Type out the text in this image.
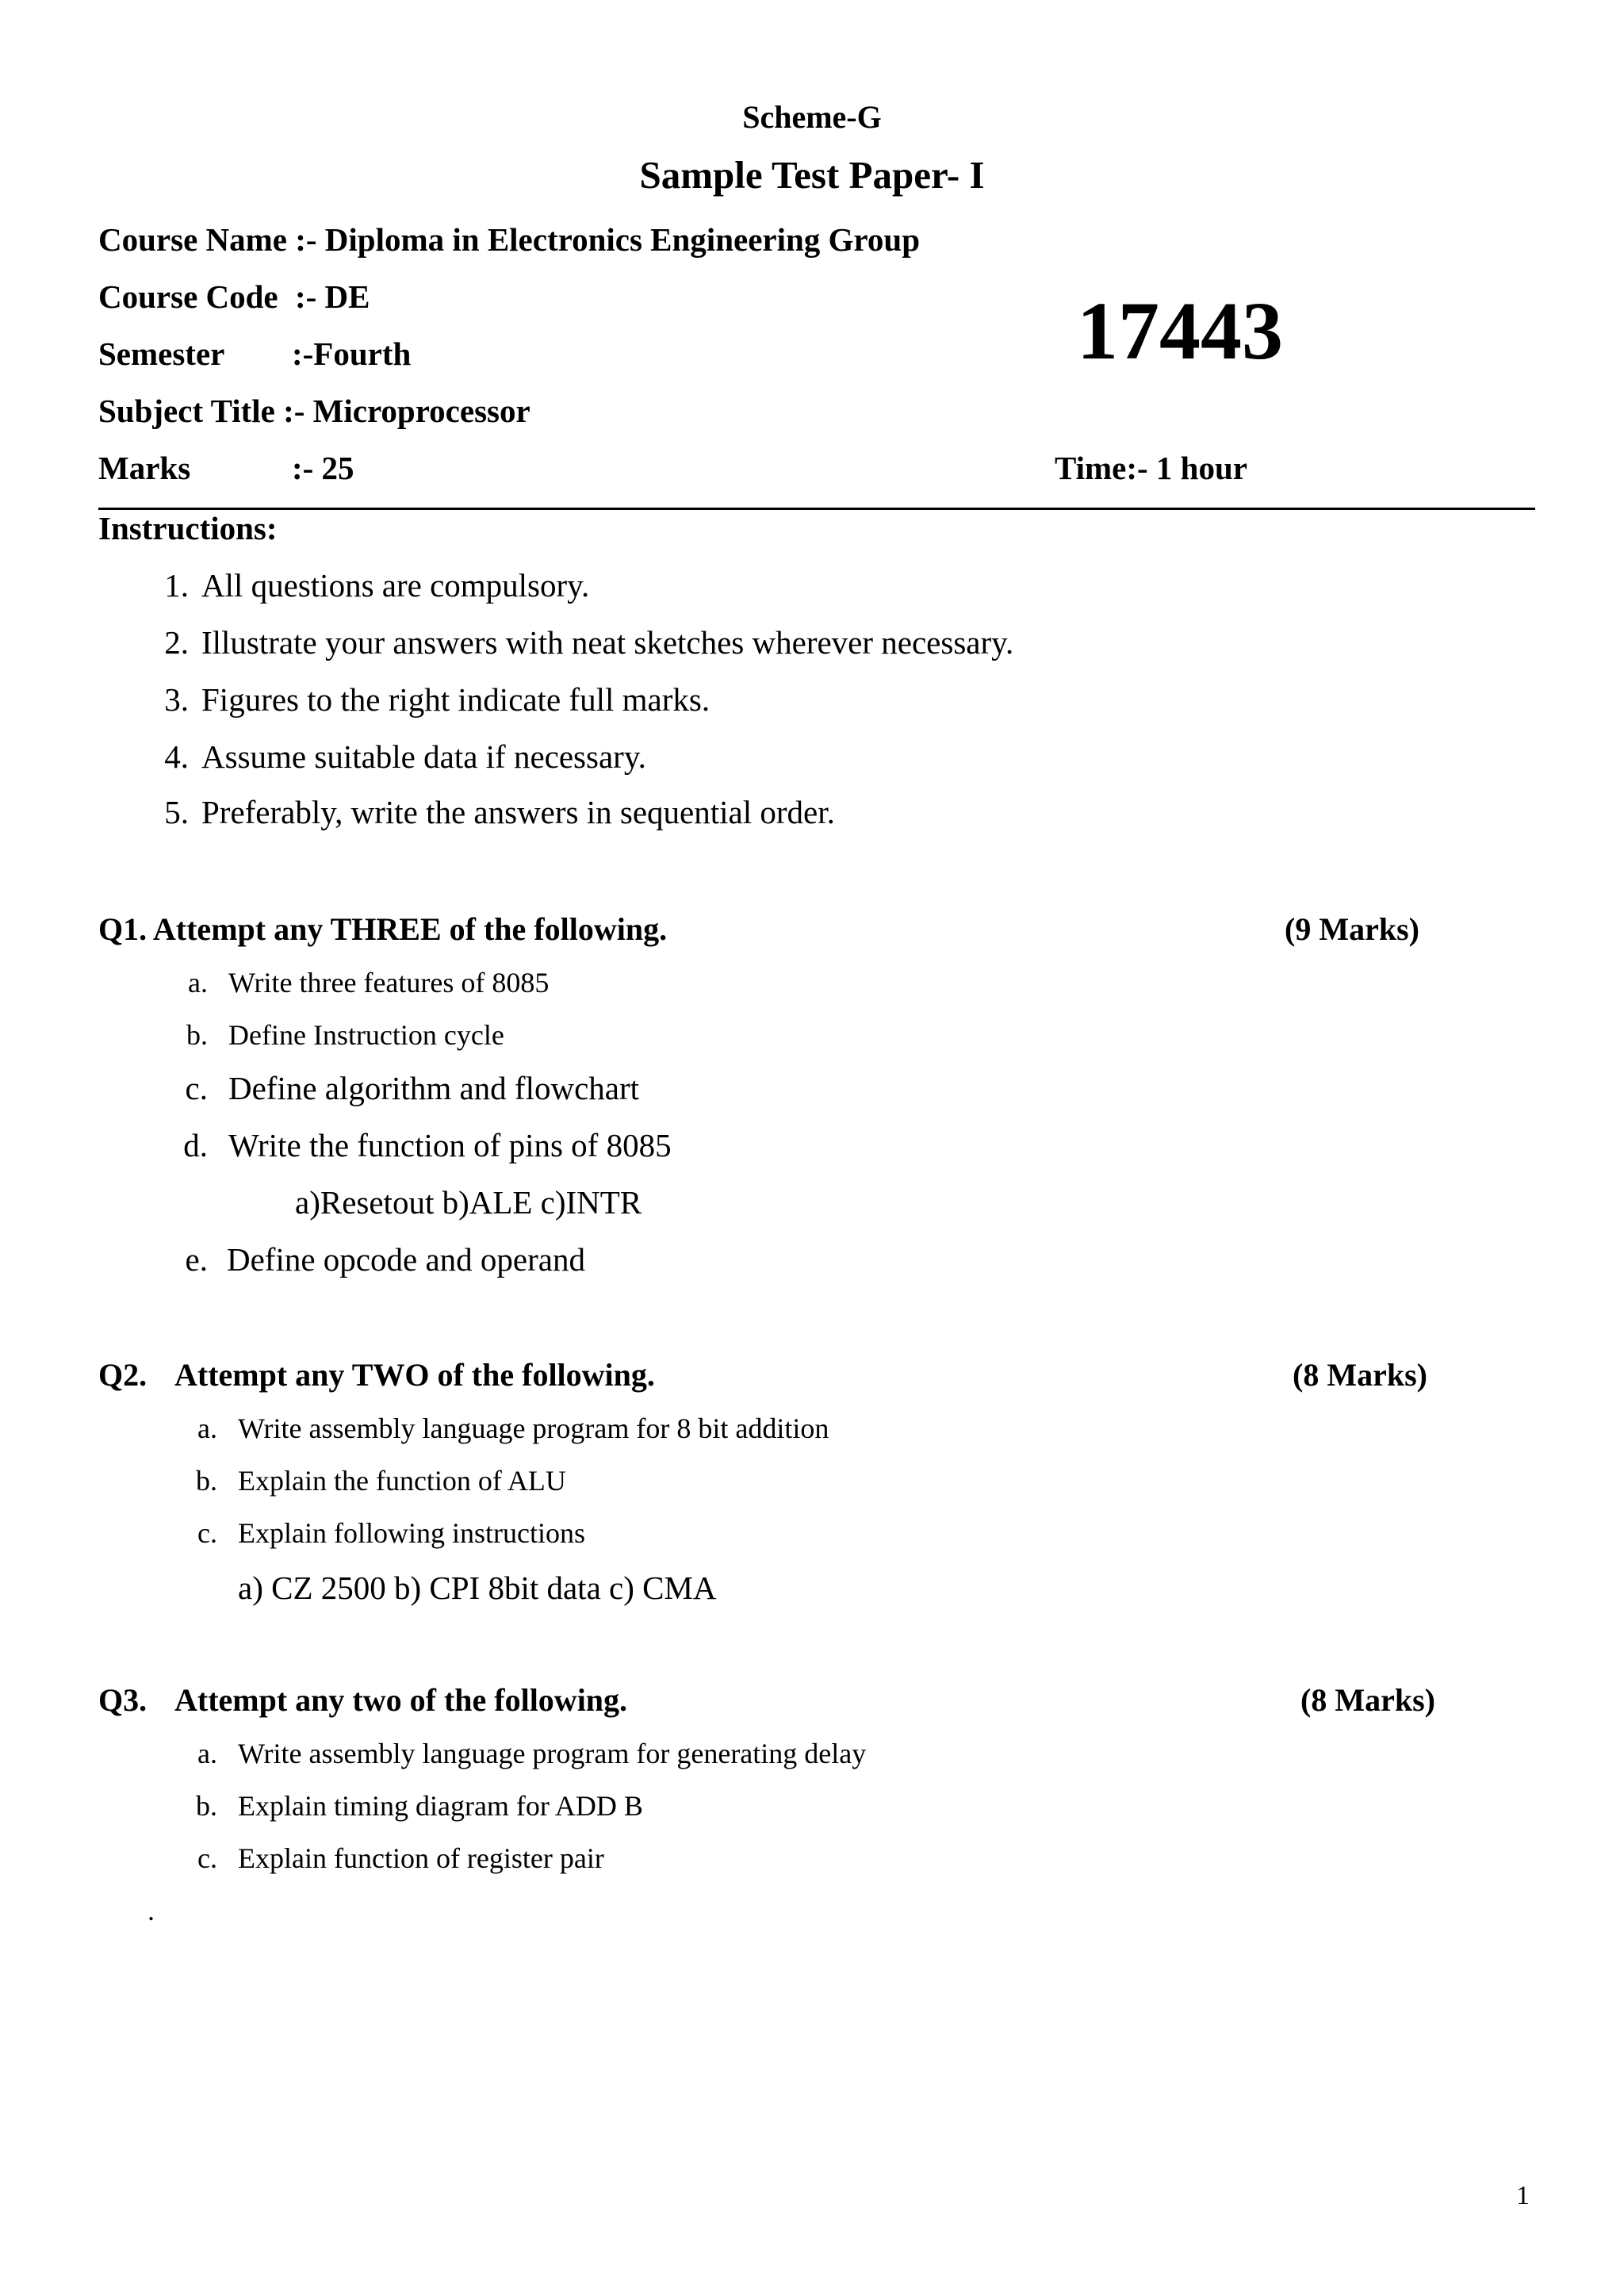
Scheme-G
Sample Test Paper- I
Course Name :- Diploma in Electronics Engineering Group
Course Code :- DE	17443
Semester :-Fourth
Subject Title :- Microprocessor
Marks	:- 25	Time:- 1 hour
Instructions:
1. All questions are compulsory.
2. Illustrate your answers with neat sketches wherever necessary.
3. Figures to the right indicate full marks.
4. Assume suitable data if necessary.
5. Preferably, write the answers in sequential order.
Q1. Attempt any THREE of the following.	(9 Marks)
a. Write three features of 8085
b. Define Instruction cycle
c. Define algorithm and flowchart
d. Write the function of pins of 8085
a)Resetout b)ALE c)INTR
e. Define opcode and operand
Q2. Attempt any TWO of the following.	(8 Marks)
a. Write assembly language program for 8 bit addition
b. Explain the function of ALU
c. Explain following instructions
a) CZ 2500 b) CPI 8bit data c) CMA
Q3. Attempt any two of the following.	(8 Marks)
a. Write assembly language program for generating delay
b. Explain timing diagram for ADD B
c. Explain function of register pair
.
1
